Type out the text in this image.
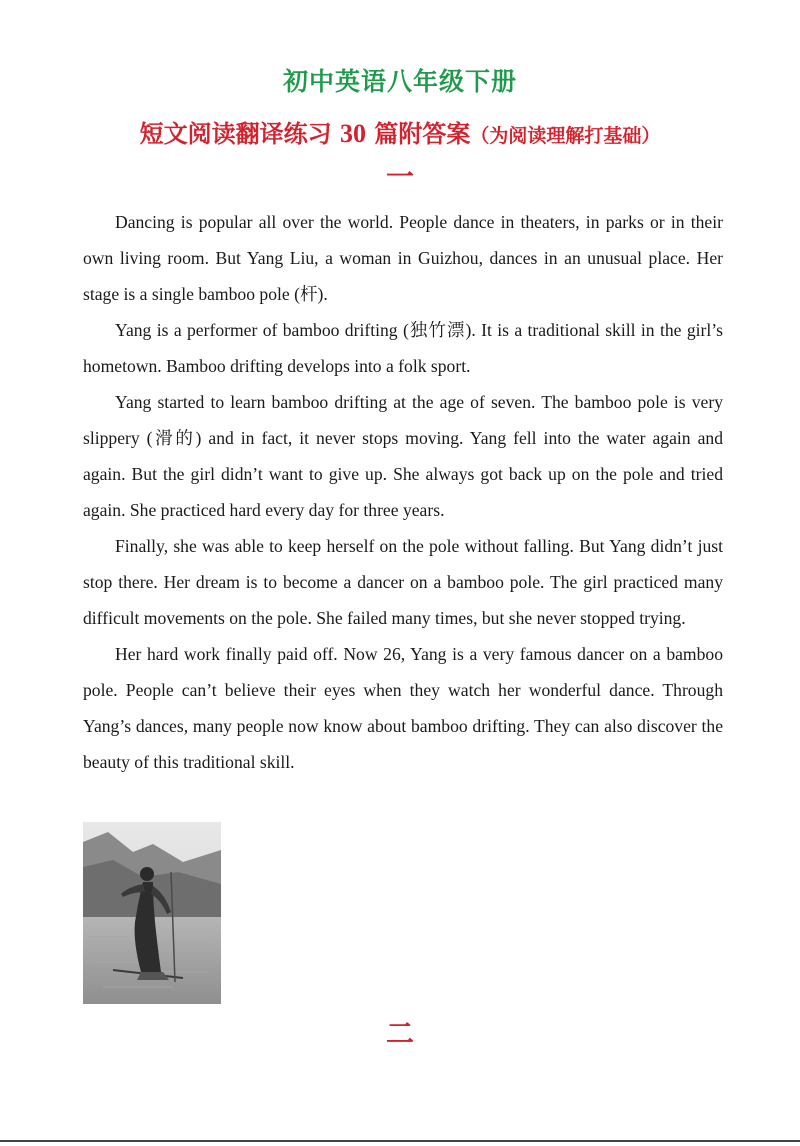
初中英语八年级下册
短文阅读翻译练习 30 篇附答案（为阅读理解打基础）
一

Dancing is popular all over the world. People dance in theaters, in parks or in their own living room. But Yang Liu, a woman in Guizhou, dances in an unusual place. Her stage is a single bamboo pole (杆).

Yang is a performer of bamboo drifting (独竹漂). It is a traditional skill in the girl’s hometown. Bamboo drifting develops into a folk sport.

Yang started to learn bamboo drifting at the age of seven. The bamboo pole is very slippery (滑的) and in fact, it never stops moving. Yang fell into the water again and again. But the girl didn’t want to give up. She always got back up on the pole and tried again. She practiced hard every day for three years.

Finally, she was able to keep herself on the pole without falling. But Yang didn’t just stop there. Her dream is to become a dancer on a bamboo pole. The girl practiced many difficult movements on the pole. She failed many times, but she never stopped trying.

Her hard work finally paid off. Now 26, Yang is a very famous dancer on a bamboo pole. People can’t believe their eyes when they watch her wonderful dance. Through Yang’s dances, many people now know about bamboo drifting. They can also discover the beauty of this traditional skill.

二
